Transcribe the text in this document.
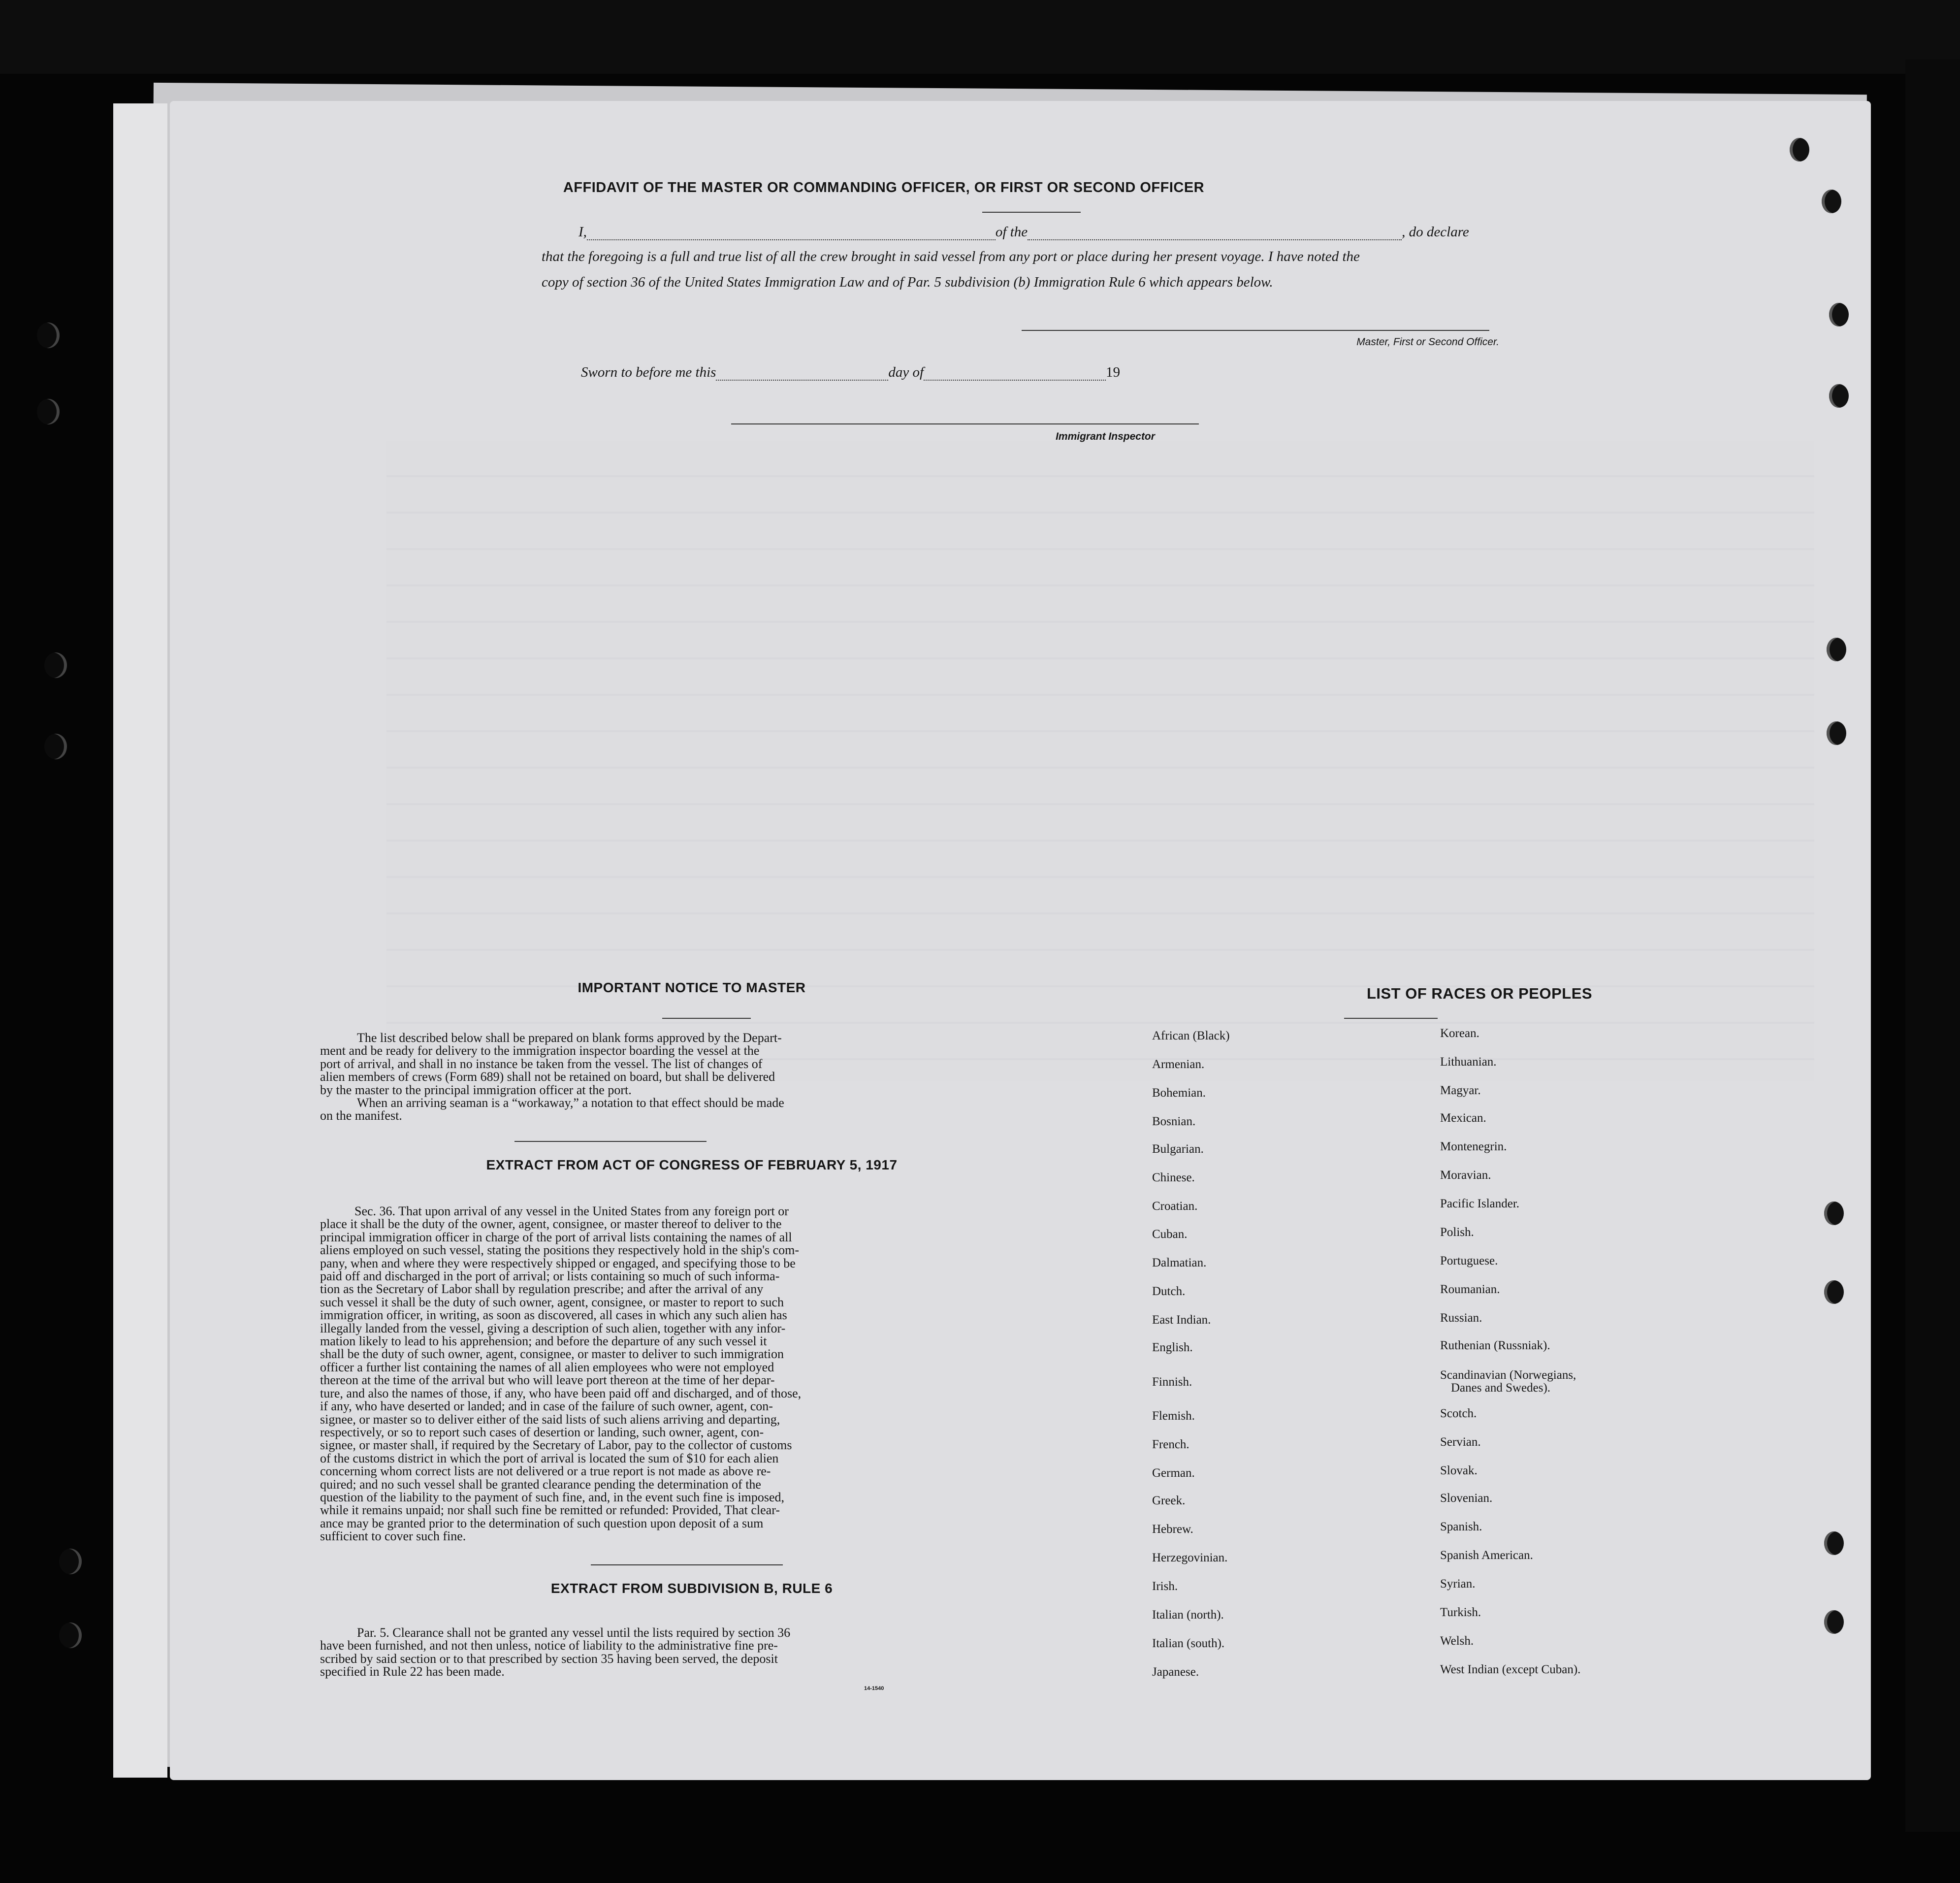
AFFIDAVIT OF THE MASTER OR COMMANDING OFFICER, OR FIRST OR SECOND OFFICER
I,	of the	, do declare
that the foregoing is a full and true list of all the crew brought in said vessel from any port or place during her present voyage. I have noted the
copy of section 36 of the United States Immigration Law and of Par. 5 subdivision (b) Immigration Rule 6 which appears below.
Master, First or Second Officer.
Sworn to before me this	day of	19
Immigrant Inspector
IMPORTANT NOTICE TO MASTER
The list described below shall be prepared on blank forms approved by the Depart-
ment and be ready for delivery to the immigration inspector boarding the vessel at the
port of arrival, and shall in no instance be taken from the vessel. The list of changes of
alien members of crews (Form 689) shall not be retained on board, but shall be delivered
by the master to the principal immigration officer at the port.
When an arriving seaman is a “workaway,” a notation to that effect should be made
on the manifest.
EXTRACT FROM ACT OF CONGRESS OF FEBRUARY 5, 1917
Sec. 36. That upon arrival of any vessel in the United States from any foreign port or
place it shall be the duty of the owner, agent, consignee, or master thereof to deliver to the
principal immigration officer in charge of the port of arrival lists containing the names of all
aliens employed on such vessel, stating the positions they respectively hold in the ship's com-
pany, when and where they were respectively shipped or engaged, and specifying those to be
paid off and discharged in the port of arrival; or lists containing so much of such informa-
tion as the Secretary of Labor shall by regulation prescribe; and after the arrival of any
such vessel it shall be the duty of such owner, agent, consignee, or master to report to such
immigration officer, in writing, as soon as discovered, all cases in which any such alien has
illegally landed from the vessel, giving a description of such alien, together with any infor-
mation likely to lead to his apprehension; and before the departure of any such vessel it
shall be the duty of such owner, agent, consignee, or master to deliver to such immigration
officer a further list containing the names of all alien employees who were not employed
thereon at the time of the arrival but who will leave port thereon at the time of her depar-
ture, and also the names of those, if any, who have been paid off and discharged, and of those,
if any, who have deserted or landed; and in case of the failure of such owner, agent, con-
signee, or master so to deliver either of the said lists of such aliens arriving and departing,
respectively, or so to report such cases of desertion or landing, such owner, agent, con-
signee, or master shall, if required by the Secretary of Labor, pay to the collector of customs
of the customs district in which the port of arrival is located the sum of $10 for each alien
concerning whom correct lists are not delivered or a true report is not made as above re-
quired; and no such vessel shall be granted clearance pending the determination of the
question of the liability to the payment of such fine, and, in the event such fine is imposed,
while it remains unpaid; nor shall such fine be remitted or refunded: Provided, That clear-
ance may be granted prior to the determination of such question upon deposit of a sum
sufficient to cover such fine.
EXTRACT FROM SUBDIVISION B, RULE 6
Par. 5. Clearance shall not be granted any vessel until the lists required by section 36
have been furnished, and not then unless, notice of liability to the administrative fine pre-
scribed by said section or to that prescribed by section 35 having been served, the deposit
specified in Rule 22 has been made.
14-1540
LIST OF RACES OR PEOPLES
African (Black)
Armenian.
Bohemian.
Bosnian.
Bulgarian.
Chinese.
Croatian.
Cuban.
Dalmatian.
Dutch.
East Indian.
English.
Finnish.
Flemish.
French.
German.
Greek.
Hebrew.
Herzegovinian.
Irish.
Italian (north).
Italian (south).
Japanese.
Korean.
Lithuanian.
Magyar.
Mexican.
Montenegrin.
Moravian.
Pacific Islander.
Polish.
Portuguese.
Roumanian.
Russian.
Ruthenian (Russniak).
Scandinavian (Norwegians,
Danes and Swedes).
Scotch.
Servian.
Slovak.
Slovenian.
Spanish.
Spanish American.
Syrian.
Turkish.
Welsh.
West Indian (except Cuban).
